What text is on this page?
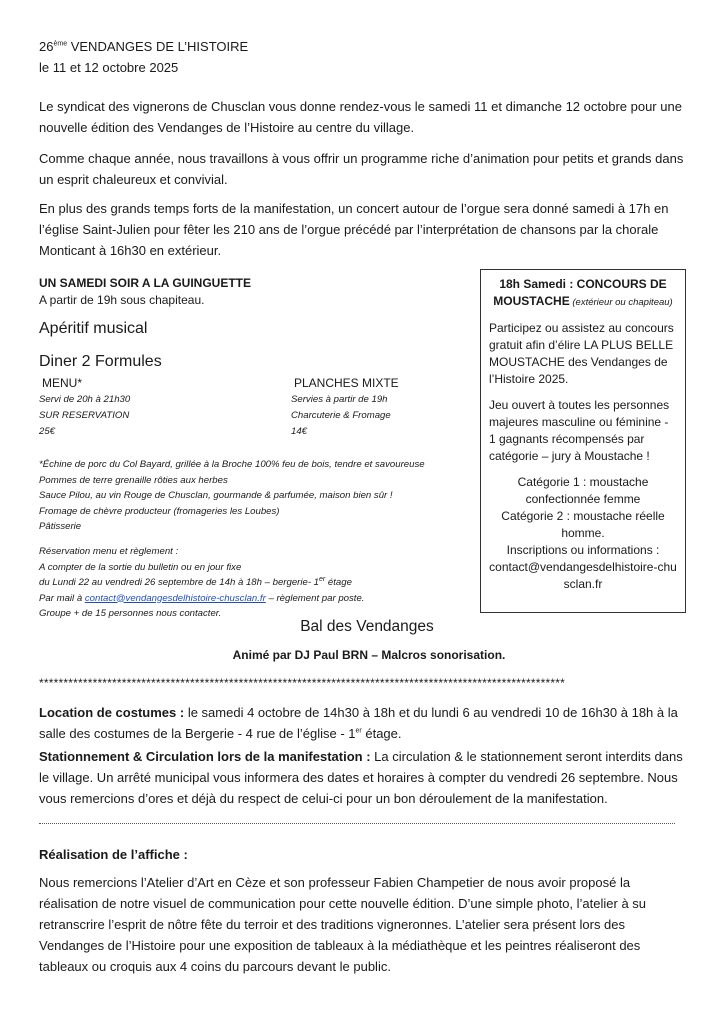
26ème VENDANGES DE L’HISTOIRE
le 11 et 12 octobre 2025

Le syndicat des vignerons de Chusclan vous donne rendez-vous le samedi 11 et dimanche 12 octobre pour une nouvelle édition des Vendanges de l’Histoire au centre du village.

Comme chaque année, nous travaillons à vous offrir un programme riche d’animation pour petits et grands dans un esprit chaleureux et convivial.

En plus des grands temps forts de la manifestation, un concert autour de l’orgue sera donné samedi à 17h en l’église Saint-Julien pour fêter les 210 ans de l’orgue précédé par l’interprétation de chansons par la chorale Monticant à 16h30 en extérieur.

UN SAMEDI SOIR A LA GUINGUETTE
A partir de 19h sous chapiteau.
Apéritif musical
Diner 2 Formules
MENU*
Servi de 20h à 21h30
SUR RESERVATION
25€
PLANCHES MIXTE
Servies à partir de 19h
Charcuterie & Fromage
14€
*Échine de porc du Col Bayard, grillée à la Broche 100% feu de bois, tendre et savoureuse
Pommes de terre grenaille rôties aux herbes
Sauce Pilou, au vin Rouge de Chusclan, gourmande & parfumée, maison bien sûr !
Fromage de chèvre producteur (fromageries les Loubes)
Pâtisserie
Réservation menu et règlement :
A compter de la sortie du bulletin ou en jour fixe
du Lundi 22 au vendredi 26 septembre de 14h à 18h – bergerie- 1er étage
Par mail à contact@vendangesdelhistoire-chusclan.fr – règlement par poste.
Groupe + de 15 personnes nous contacter.
Bal des Vendanges
Animé par DJ Paul BRN – Malcros sonorisation.
18h Samedi : CONCOURS DE
MOUSTACHE (extérieur ou chapiteau)
Participez ou assistez au concours gratuit afin d’élire LA PLUS BELLE MOUSTACHE des Vendanges de l’Histoire 2025.
Jeu ouvert à toutes les personnes majeures masculine ou féminine - 1 gagnants récompensés par catégorie – jury à Moustache !
Catégorie 1 : moustache confectionnée femme
Catégorie 2 : moustache réelle homme.
Inscriptions ou informations :
contact@vendangesdelhistoire-chusclan.fr
************************************************************************************************************

Location de costumes : le samedi 4 octobre de 14h30 à 18h et du lundi 6 au vendredi 10 de 16h30 à 18h à la salle des costumes de la Bergerie - 4 rue de l’église - 1er étage.

Stationnement & Circulation lors de la manifestation : La circulation & le stationnement seront interdits dans le village. Un arrêté municipal vous informera des dates et horaires à compter du vendredi 26 septembre. Nous vous remercions d’ores et déjà du respect de celui-ci pour un bon déroulement de la manifestation.

Réalisation de l’affiche :

Nous remercions l’Atelier d’Art en Cèze et son professeur Fabien Champetier de nous avoir proposé la réalisation de notre visuel de communication pour cette nouvelle édition. D’une simple photo, l’atelier à su retranscrire l’esprit de nôtre fête du terroir et des traditions vigneronnes. L’atelier sera présent lors des Vendanges de l’Histoire pour une exposition de tableaux à la médiathèque et les peintres réaliseront des tableaux ou croquis aux 4 coins du parcours devant le public.
